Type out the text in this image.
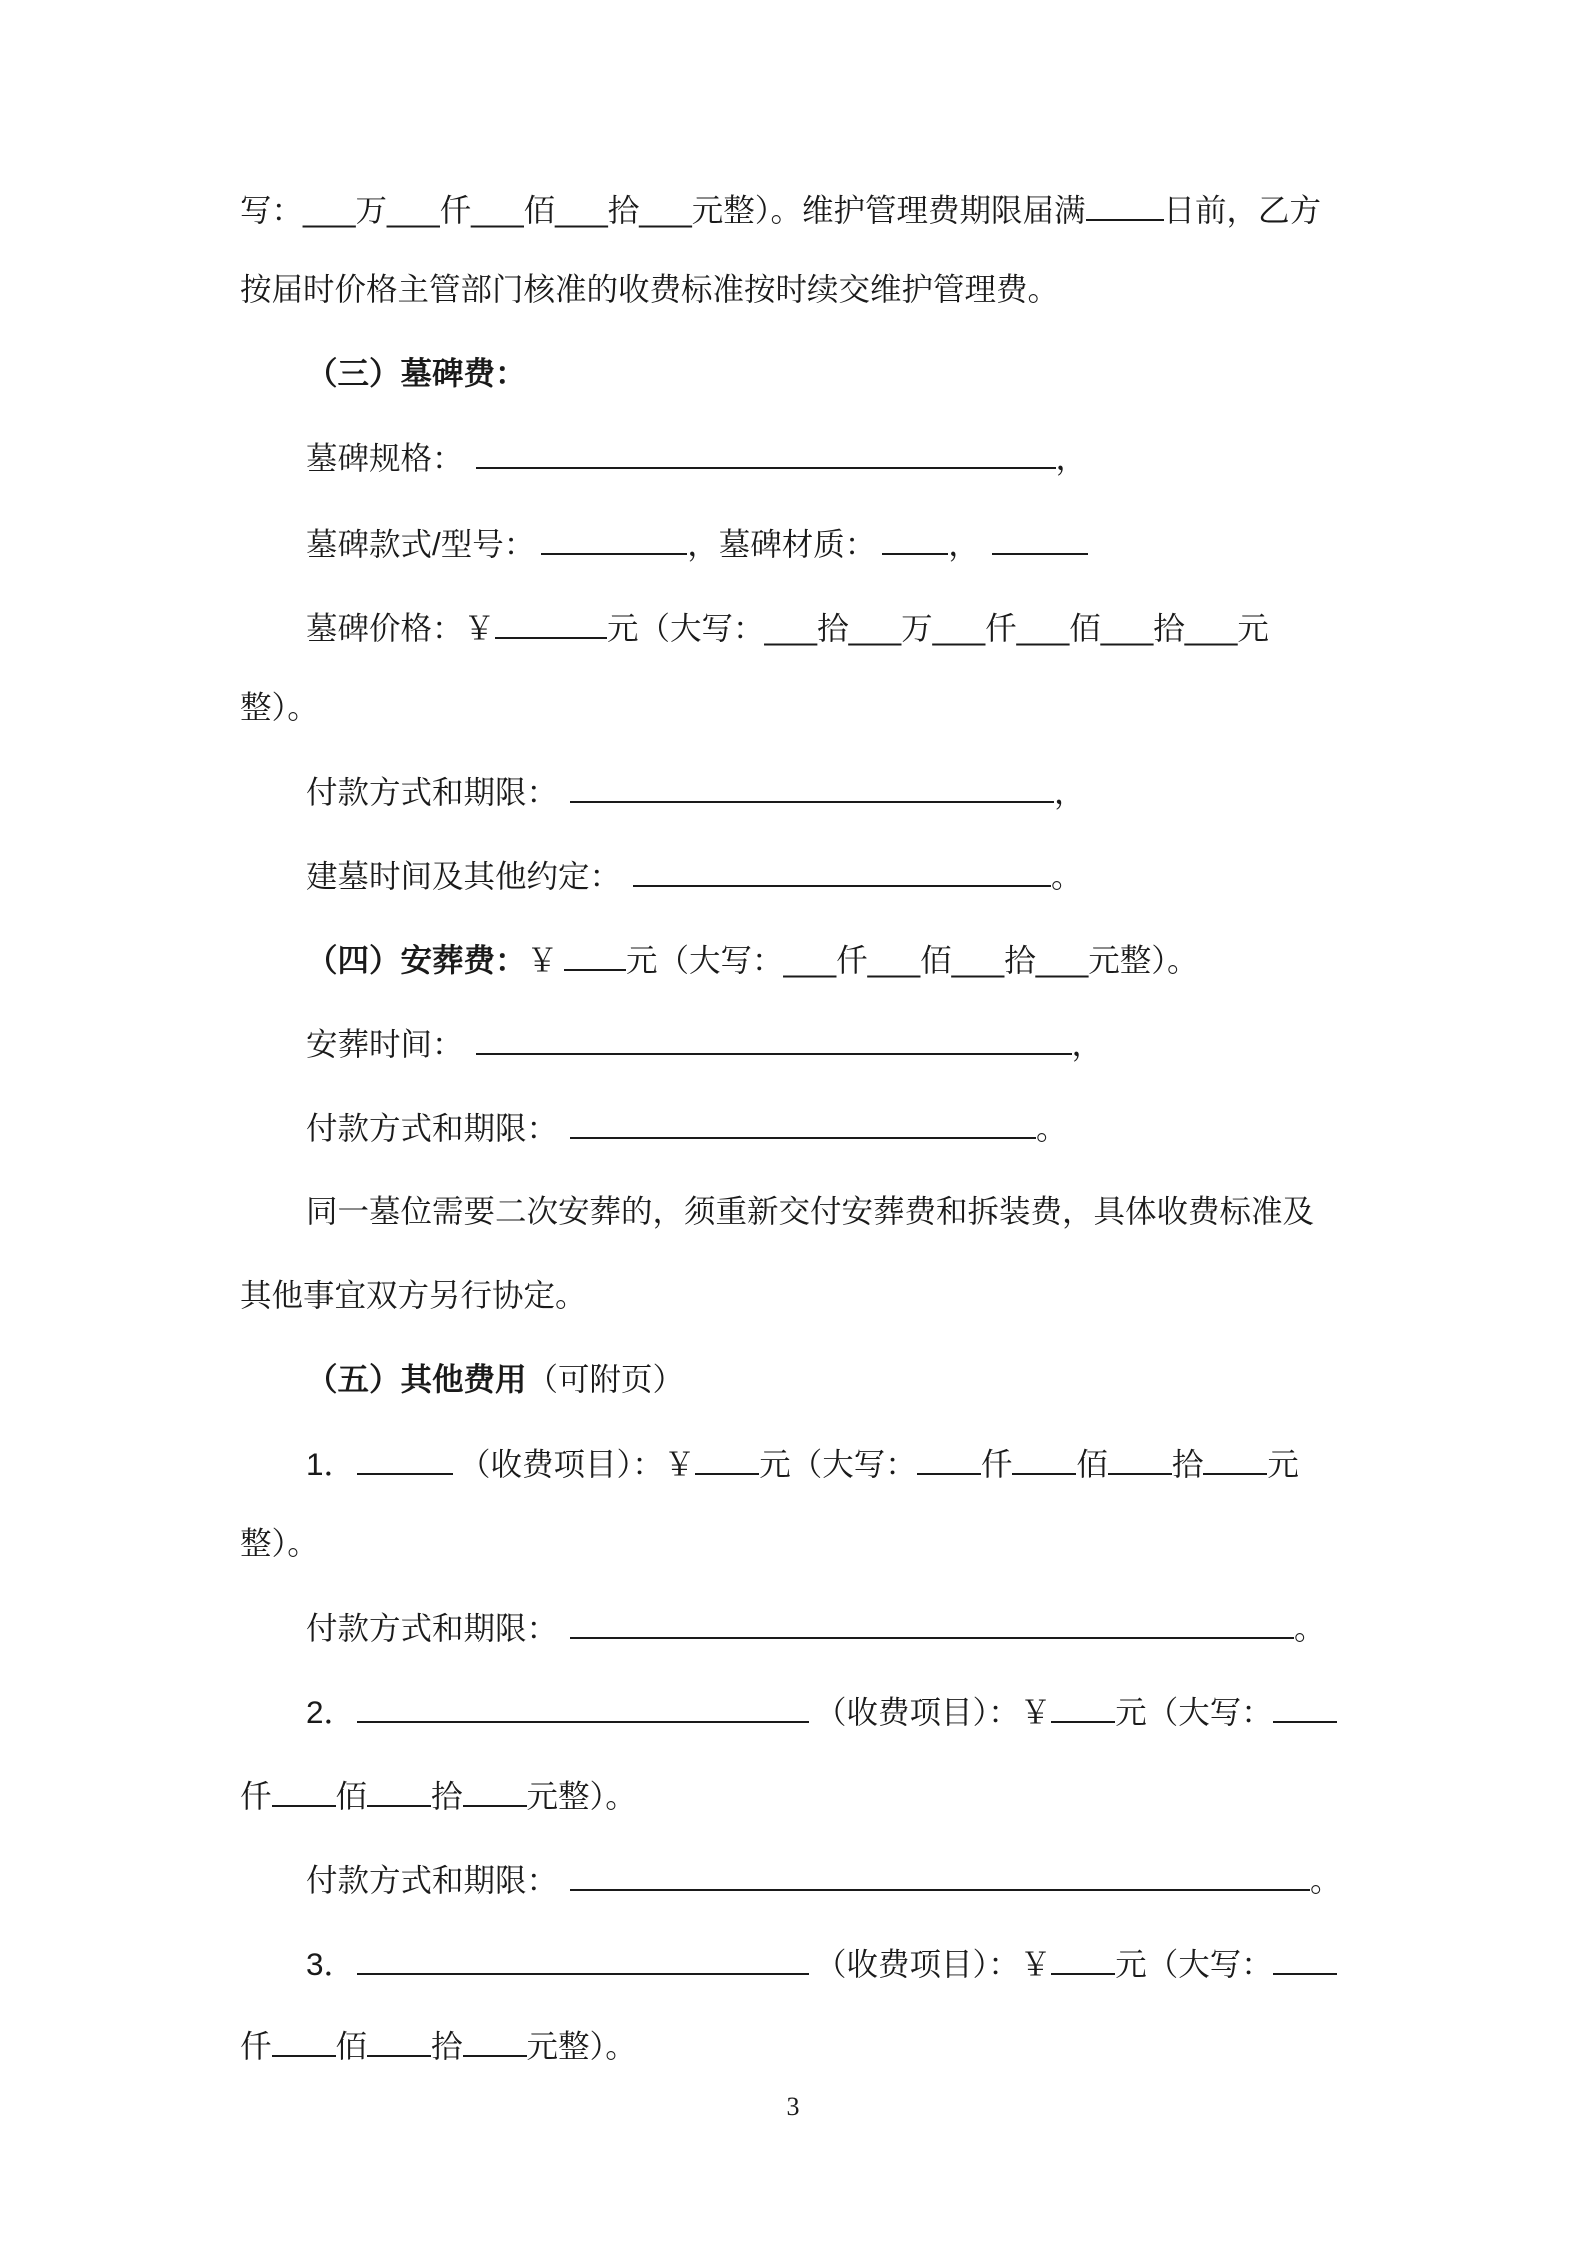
写：___万___仟___佰___拾___元整）。维护管理费期限届满 日前，乙方
按届时价格主管部门核准的收费标准按时续交维护管理费。
（三）墓碑费：
墓碑规格：	，
墓碑款式/型号：	，墓碑材质： ，
墓碑价格：￥	元（大写：___拾___万___仟___佰___拾___元
整）。
付款方式和期限：	，
建墓时间及其他约定：	。
（四）安葬费：￥ 元（大写：___仟___佰___拾___元整）。
安葬时间：	，
付款方式和期限：	。
同一墓位需要二次安葬的，须重新交付安葬费和拆装费，具体收费标准及
其他事宜双方另行协定。
（五）其他费用（可附页）
1．	（收费项目）：￥ 元（大写： 仟 佰 拾 元
整）。
付款方式和期限：	。
2．	（收费项目）：￥ 元（大写：
仟 佰 拾 元整）。
付款方式和期限：	。
3．	（收费项目）：￥ 元（大写：
仟 佰 拾 元整）。
3
